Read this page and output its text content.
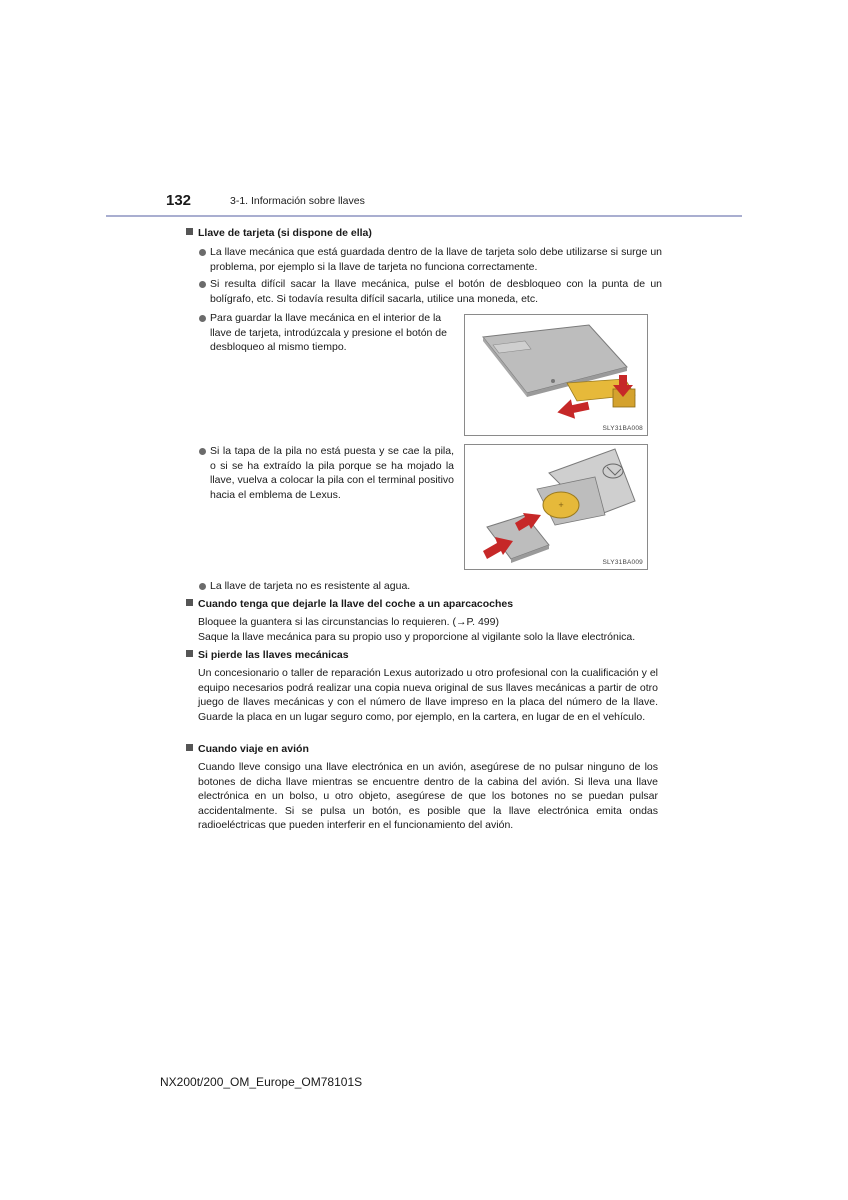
132	3-1. Información sobre llaves
Llave de tarjeta (si dispone de ella)
La llave mecánica que está guardada dentro de la llave de tarjeta solo debe utilizarse si surge un problema, por ejemplo si la llave de tarjeta no funciona correctamente.
Si resulta difícil sacar la llave mecánica, pulse el botón de desbloqueo con la punta de un bolígrafo, etc. Si todavía resulta difícil sacarla, utilice una moneda, etc.
Para guardar la llave mecánica en el interior de la llave de tarjeta, introdúzcala y presione el botón de desbloqueo al mismo tiempo.
SLY31BA008
Si la tapa de la pila no está puesta y se cae la pila, o si se ha extraído la pila porque se ha mojado la llave, vuelva a colocar la pila con el terminal positivo hacia el emblema de Lexus.
+
SLY31BA009
La llave de tarjeta no es resistente al agua.
Cuando tenga que dejarle la llave del coche a un aparcacoches
Bloquee la guantera si las circunstancias lo requieren. (→P. 499)
Saque la llave mecánica para su propio uso y proporcione al vigilante solo la llave electrónica.
Si pierde las llaves mecánicas
Un concesionario o taller de reparación Lexus autorizado u otro profesional con la cualificación y el equipo necesarios podrá realizar una copia nueva original de sus llaves mecánicas a partir de otro juego de llaves mecánicas y con el número de llave impreso en la placa del número de la llave. Guarde la placa en un lugar seguro como, por ejemplo, en la cartera, en lugar de en el vehículo.
Cuando viaje en avión
Cuando lleve consigo una llave electrónica en un avión, asegúrese de no pulsar ninguno de los botones de dicha llave mientras se encuentre dentro de la cabina del avión. Si lleva una llave electrónica en un bolso, u otro objeto, asegúrese de que los botones no se puedan pulsar accidentalmente. Si se pulsa un botón, es posible que la llave electrónica emita ondas radioeléctricas que pueden interferir en el funcionamiento del avión.
NX200t/200_OM_Europe_OM78101S
